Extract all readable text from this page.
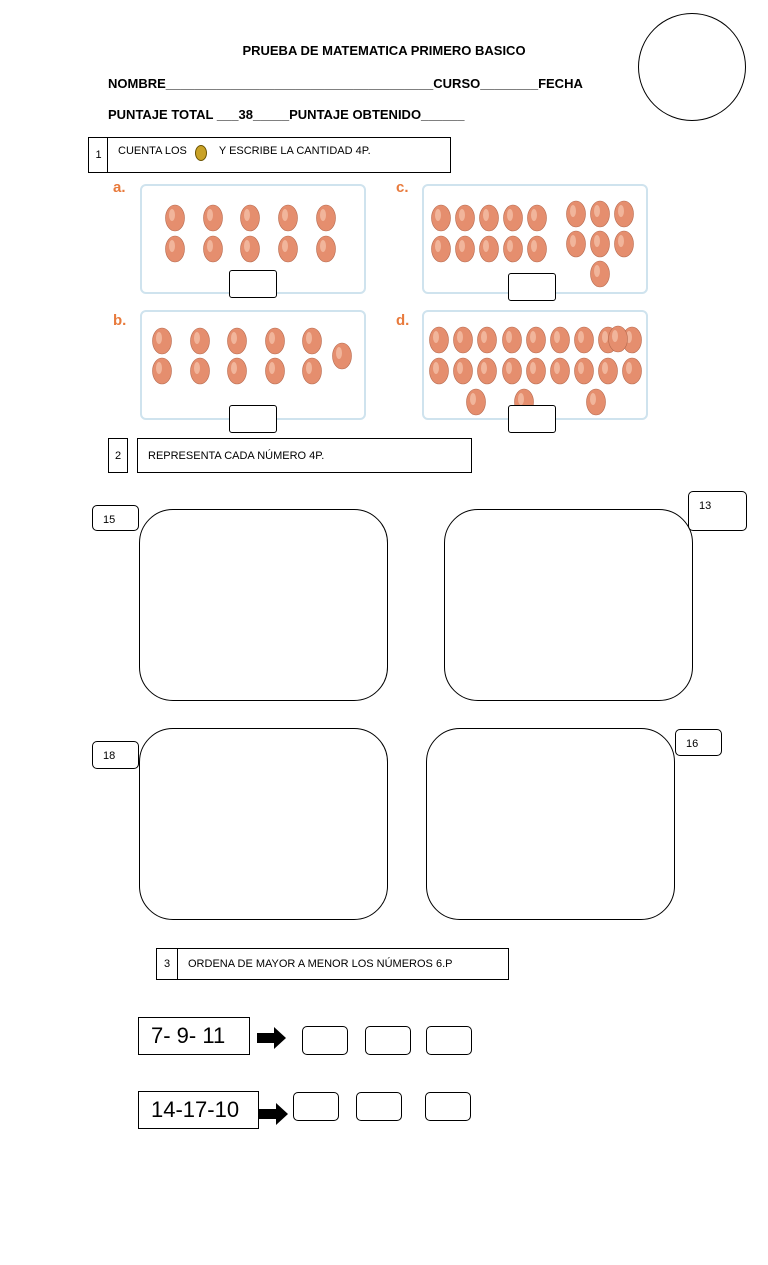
PRUEBA DE MATEMATICA PRIMERO BASICO
NOMBRE_____________________________________CURSO________FECHA
PUNTAJE TOTAL ___38_____PUNTAJE OBTENIDO______
1	CUENTA LOS	Y ESCRIBE LA CANTIDAD 4P.
a.	c.
b.	d.
2	REPRESENTA CADA NÚMERO 4P.
15
13
18
16
3	ORDENA DE MAYOR A MENOR LOS NÚMEROS 6.P
7- 9- 11
14-17-10
